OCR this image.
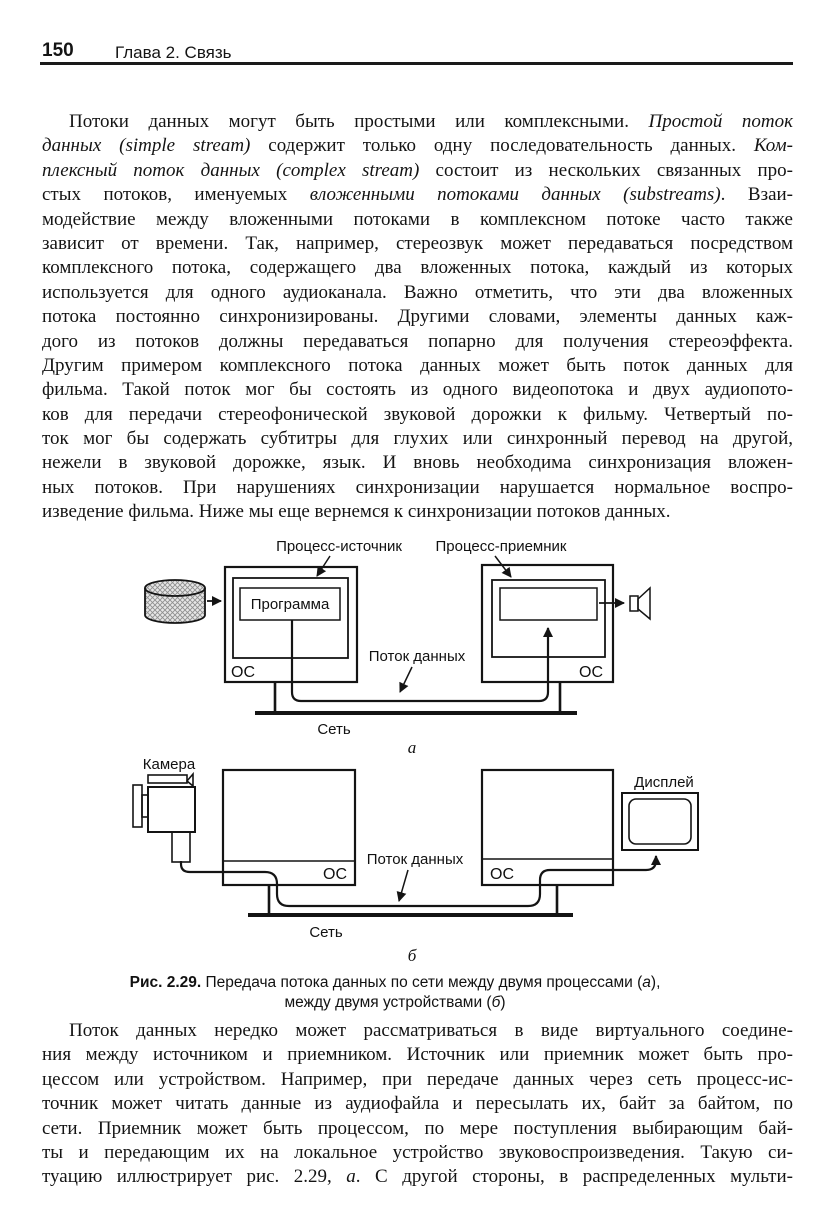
150 Глава 2. Связь
Потоки данных могут быть простыми или комплексными. Простой поток
данных (simple stream) содержит только одну последовательность данных. Ком-
плексный поток данных (complex stream) состоит из нескольких связанных про-
стых потоков, именуемых вложенными потоками данных (substreams). Взаи-
модействие между вложенными потоками в комплексном потоке часто также
зависит от времени. Так, например, стереозвук может передаваться посредством
комплексного потока, содержащего два вложенных потока, каждый из которых
используется для одного аудиоканала. Важно отметить, что эти два вложенных
потока постоянно синхронизированы. Другими словами, элементы данных каж-
дого из потоков должны передаваться попарно для получения стереоэффекта.
Другим примером комплексного потока данных может быть поток данных для
фильма. Такой поток мог бы состоять из одного видеопотока и двух аудиопото-
ков для передачи стереофонической звуковой дорожки к фильму. Четвертый по-
ток мог бы содержать субтитры для глухих или синхронный перевод на другой,
нежели в звуковой дорожке, язык. И вновь необходима синхронизация вложен-
ных потоков. При нарушениях синхронизации нарушается нормальное воспро-
изведение фильма. Ниже мы еще вернемся к синхронизации потоков данных.
Процесс-источник Процесс-приемник
Программа
ОС	ОС
Поток данных
Сеть
а
Камера
ОС	ОС
Дисплей
Поток данных
Сеть
б
Рис. 2.29. Передача потока данных по сети между двумя процессами (а),
между двумя устройствами (б)
Поток данных нередко может рассматриваться в виде виртуального соедине-
ния между источником и приемником. Источник или приемник может быть про-
цессом или устройством. Например, при передаче данных через сеть процесс-ис-
точник может читать данные из аудиофайла и пересылать их, байт за байтом, по
сети. Приемник может быть процессом, по мере поступления выбирающим бай-
ты и передающим их на локальное устройство звуковоспроизведения. Такую си-
туацию иллюстрирует рис. 2.29, а. С другой стороны, в распределенных мульти-
